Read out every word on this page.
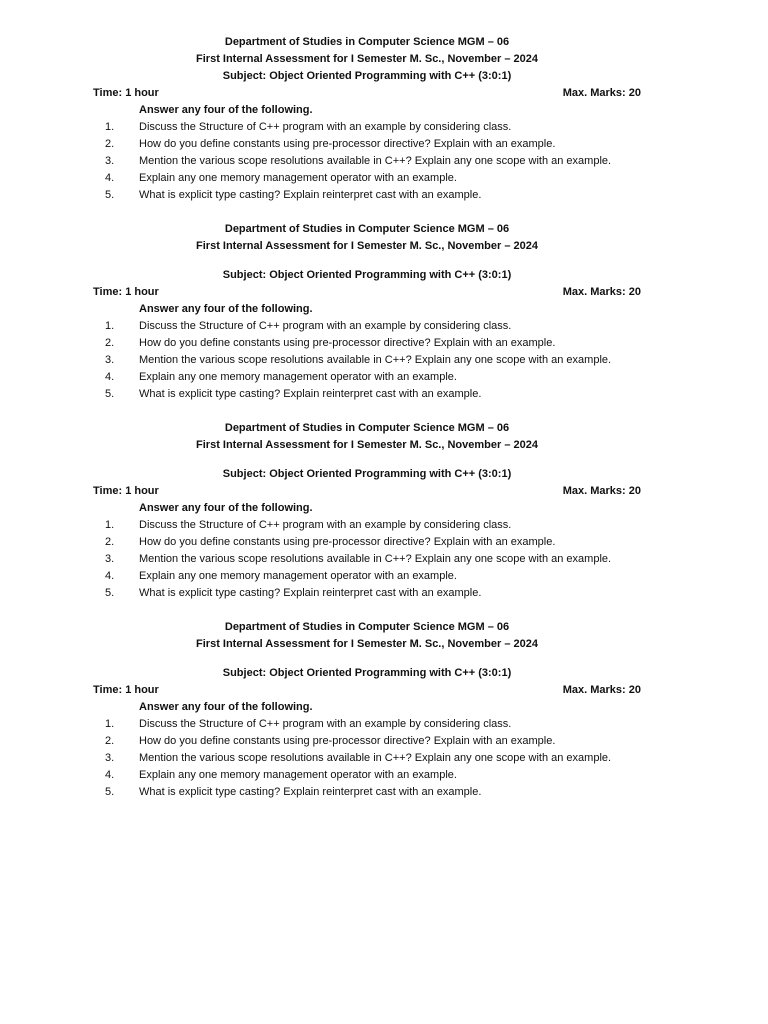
Department of Studies in Computer Science MGM – 06
First Internal Assessment for I Semester M. Sc., November – 2024
Subject: Object Oriented Programming with C++ (3:0:1)
Time: 1 hour	Max. Marks: 20
Answer any four of the following.
1.	Discuss the Structure of C++ program with an example by considering class.
2.	How do you define constants using pre-processor directive? Explain with an example.
3.	Mention the various scope resolutions available in C++? Explain any one scope with an example.
4.	Explain any one memory management operator with an example.
5.	What is explicit type casting? Explain reinterpret cast with an example.
Department of Studies in Computer Science MGM – 06
First Internal Assessment for I Semester M. Sc., November – 2024
Subject: Object Oriented Programming with C++ (3:0:1)
Time: 1 hour	Max. Marks: 20
Answer any four of the following.
1.	Discuss the Structure of C++ program with an example by considering class.
2.	How do you define constants using pre-processor directive? Explain with an example.
3.	Mention the various scope resolutions available in C++? Explain any one scope with an example.
4.	Explain any one memory management operator with an example.
5.	What is explicit type casting? Explain reinterpret cast with an example.
Department of Studies in Computer Science MGM – 06
First Internal Assessment for I Semester M. Sc., November – 2024
Subject: Object Oriented Programming with C++ (3:0:1)
Time: 1 hour	Max. Marks: 20
Answer any four of the following.
1.	Discuss the Structure of C++ program with an example by considering class.
2.	How do you define constants using pre-processor directive? Explain with an example.
3.	Mention the various scope resolutions available in C++? Explain any one scope with an example.
4.	Explain any one memory management operator with an example.
5.	What is explicit type casting? Explain reinterpret cast with an example.
Department of Studies in Computer Science MGM – 06
First Internal Assessment for I Semester M. Sc., November – 2024
Subject: Object Oriented Programming with C++ (3:0:1)
Time: 1 hour	Max. Marks: 20
Answer any four of the following.
1.	Discuss the Structure of C++ program with an example by considering class.
2.	How do you define constants using pre-processor directive? Explain with an example.
3.	Mention the various scope resolutions available in C++? Explain any one scope with an example.
4.	Explain any one memory management operator with an example.
5.	What is explicit type casting? Explain reinterpret cast with an example.
